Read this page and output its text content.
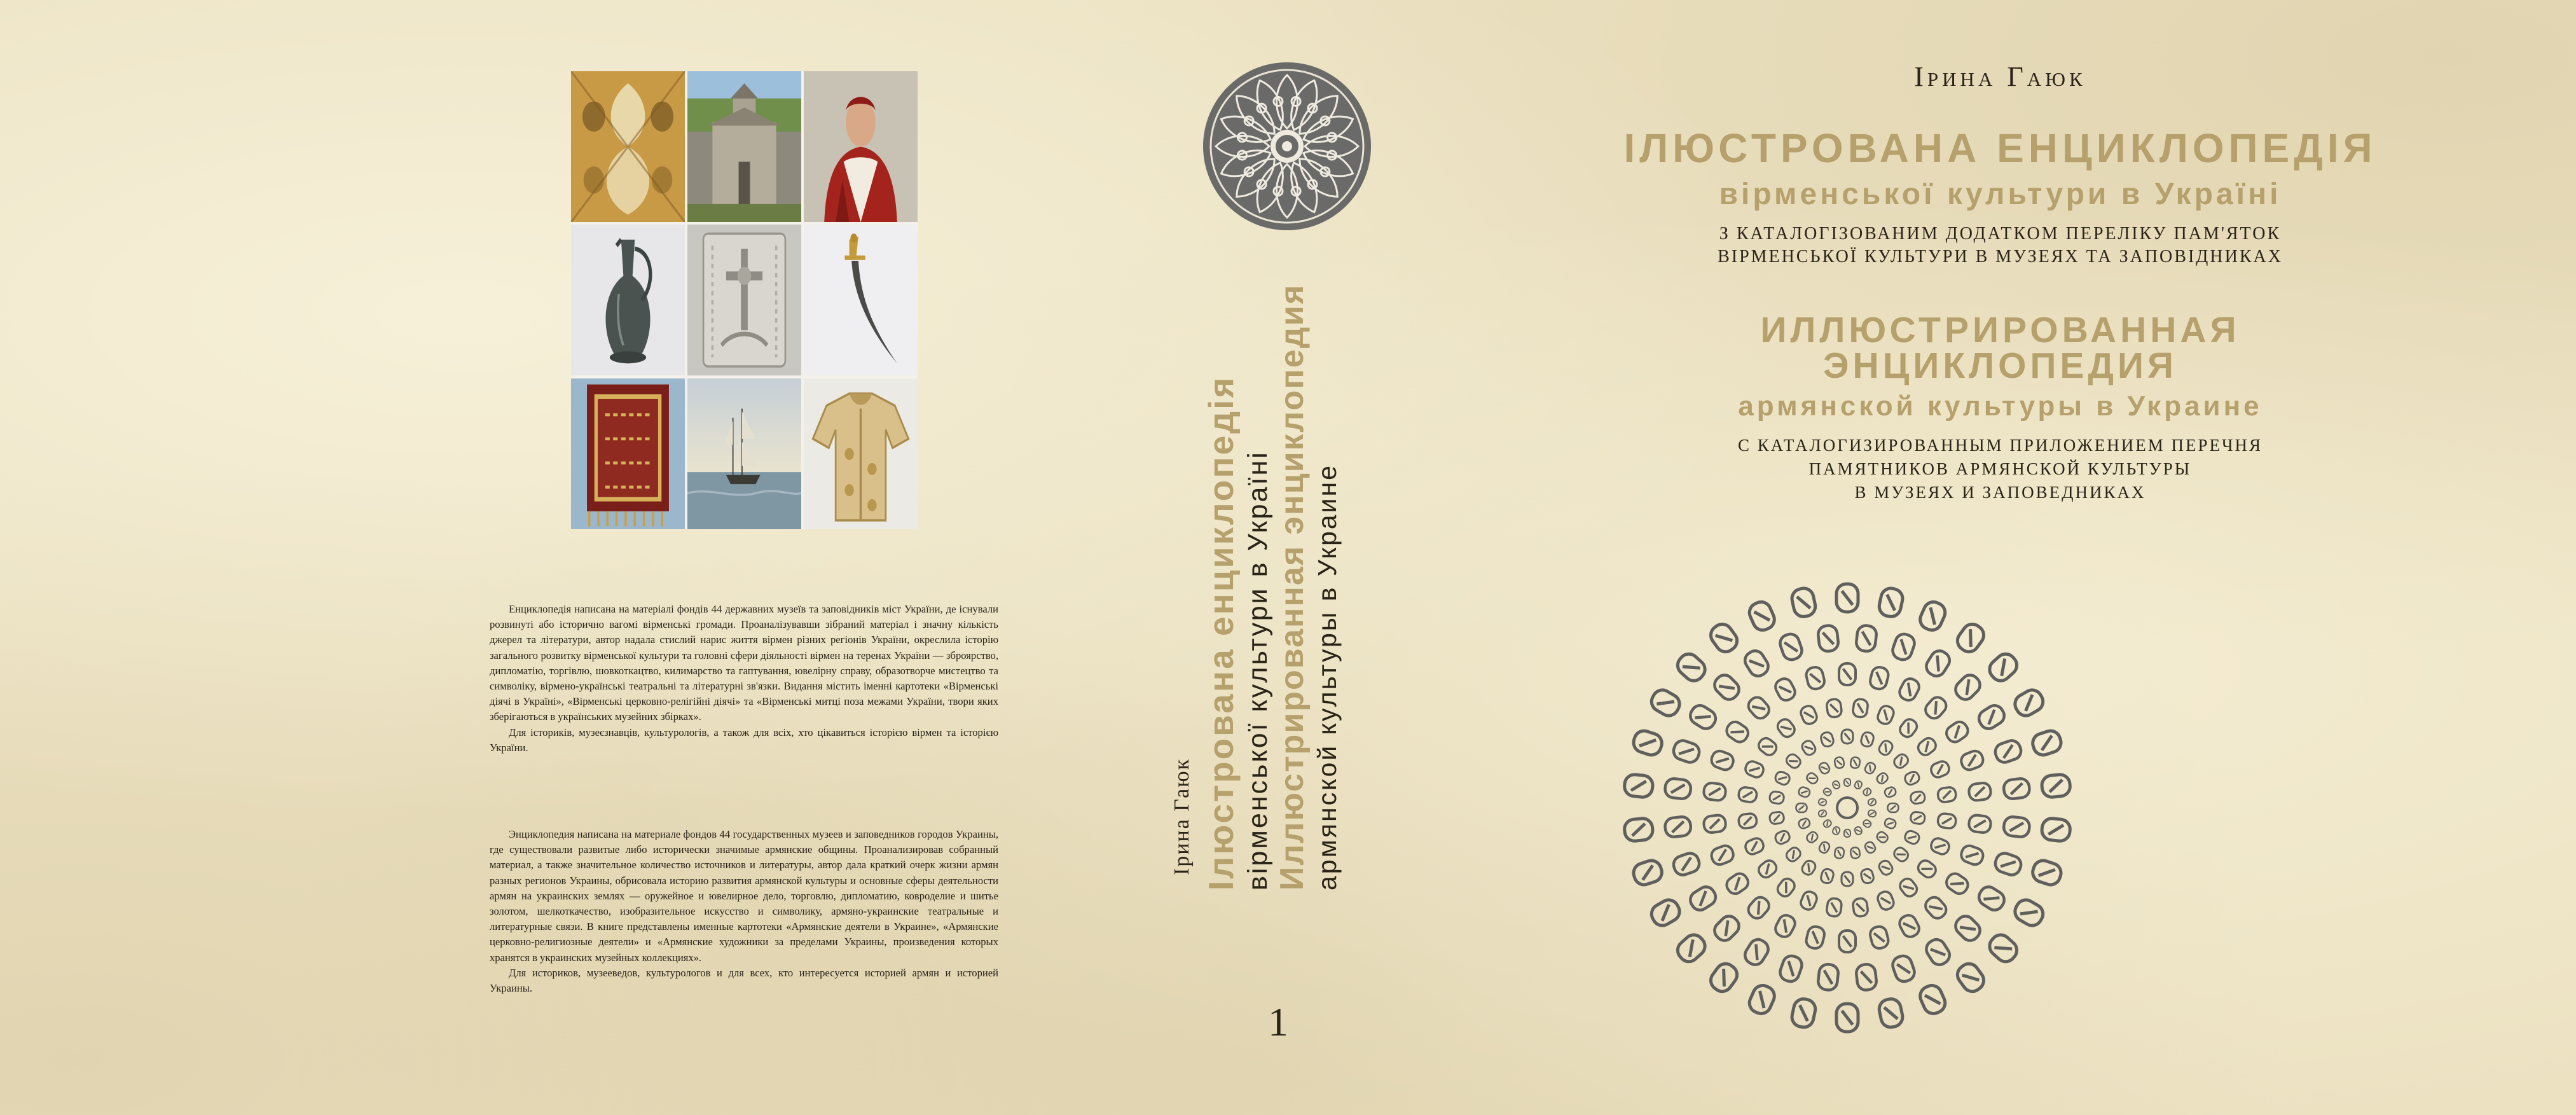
Енциклопедія написана на матеріалі фондів 44 державних музеїв та заповідників міст України, де існували розвинуті або історично вагомі вірменські громади. Проаналізувавши зібраний матеріал і значну кількість джерел та літератури, автор надала стислий нарис життя вірмен різних регіонів України, окреслила історію загального розвитку вірменської культури та головні сфери діяльності вірмен на теренах України — зброярство, дипломатію, торгівлю, шовкоткацтво, килимарство та гаптування, ювелірну справу, образотворче мистецтво та символіку, вірмено-українські театральні та літературні зв'язки. Видання містить іменні картотеки «Вірменські діячі в Україні», «Вірменські церковно-релігійні діячі» та «Вірменські митці поза межами України, твори яких зберігаються в українських музейних збірках».

Для істориків, музеєзнавців, культурологів, а також для всіх, хто цікавиться історією вірмен та історією України.

Энциклопедия написана на материале фондов 44 государственных музеев и заповедников городов Украины, где существовали развитые либо исторически значимые армянские общины. Проанализировав собранный материал, а также значительное количество источников и литературы, автор дала краткий очерк жизни армян разных регионов Украины, обрисовала историю развития армянской культуры и основные сферы деятельности армян на украинских землях — оружейное и ювелирное дело, торговлю, дипломатию, ковроделие и шитье золотом, шелкоткачество, изобразительное искусство и символику, армяно-украинские театральные и литературные связи. В книге представлены именные картотеки «Армянские деятели в Украине», «Армянские церковно-религиозные деятели» и «Армянские художники за пределами Украины, произведения которых хранятся в украинских музейных коллекциях».

Для историков, музееведов, культурологов и для всех, кто интересуется историей армян и историей Украины.

Ірина Гаюк Ілюстрована енциклопедія вірменської культури в Україні Иллюстрированная энциклопедия армянской культуры в Украине
1
Ірина Гаюк
ІЛЮСТРОВАНА ЕНЦИКЛОПЕДІЯ
вірменської культури в Україні
З КАТАЛОГІЗОВАНИМ ДОДАТКОМ ПЕРЕЛІКУ ПАМ'ЯТОК
ВІРМЕНСЬКОЇ КУЛЬТУРИ В МУЗЕЯХ ТА ЗАПОВІДНИКАХ
ИЛЛЮСТРИРОВАННАЯ
ЭНЦИКЛОПЕДИЯ
армянской культуры в Украине
С КАТАЛОГИЗИРОВАННЫМ ПРИЛОЖЕНИЕМ ПЕРЕЧНЯ
ПАМЯТНИКОВ АРМЯНСКОЙ КУЛЬТУРЫ
В МУЗЕЯХ И ЗАПОВЕДНИКАХ
